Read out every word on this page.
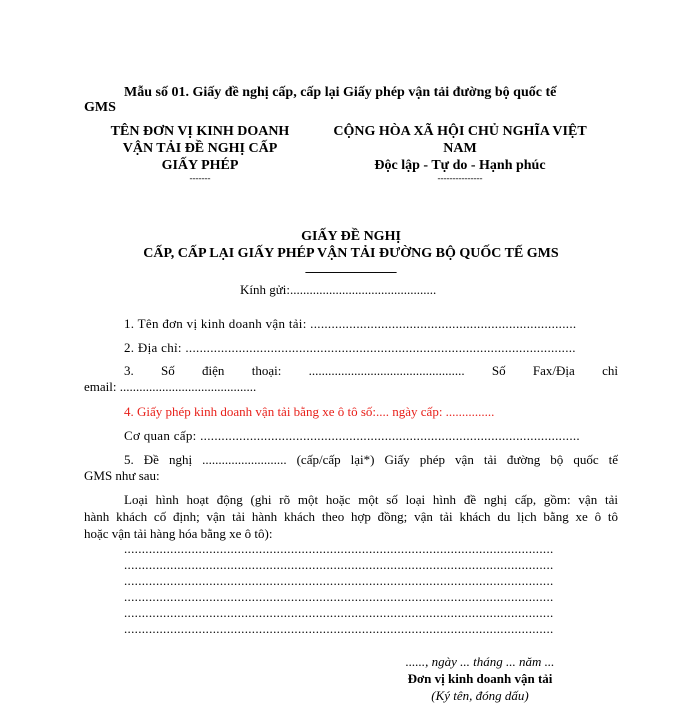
Mẫu số 01. Giấy đề nghị cấp, cấp lại Giấy phép vận tải đường bộ quốc tế
GMS
TÊN ĐƠN VỊ KINH DOANH
VẬN TẢI ĐỀ NGHỊ CẤP
GIẤY PHÉP
-------
CỘNG HÒA XÃ HỘI CHỦ NGHĨA VIỆT
NAM
Độc lập - Tự do - Hạnh phúc
---------------
GIẤY ĐỀ NGHỊ
CẤP, CẤP LẠI GIẤY PHÉP VẬN TẢI ĐƯỜNG BỘ QUỐC TẾ GMS
_____________
Kính gửi:.............................................
1. Tên đơn vị kinh doanh vận tải: ...........................................................................
2. Địa chỉ: ..............................................................................................................
3. Số điện thoại: ................................................ Số Fax/Địa chỉ
email: ..........................................
4. Giấy phép kinh doanh vận tải bằng xe ô tô số:.... ngày cấp: ...............
Cơ quan cấp: ...........................................................................................................
5. Đề nghị .......................... (cấp/cấp lại*) Giấy phép vận tải đường bộ quốc tế
GMS như sau:
Loại hình hoạt động (ghi rõ một hoặc một số loại hình đề nghị cấp, gồm: vận tải
hành khách cố định; vận tải hành khách theo hợp đồng; vận tải khách du lịch bằng xe ô tô
hoặc vận tải hàng hóa bằng xe ô tô):
.........................................................................................................................
.........................................................................................................................
.........................................................................................................................
.........................................................................................................................
.........................................................................................................................
.........................................................................................................................
......, ngày ... tháng ... năm ...
Đơn vị kinh doanh vận tải
(Ký tên, đóng dấu)
